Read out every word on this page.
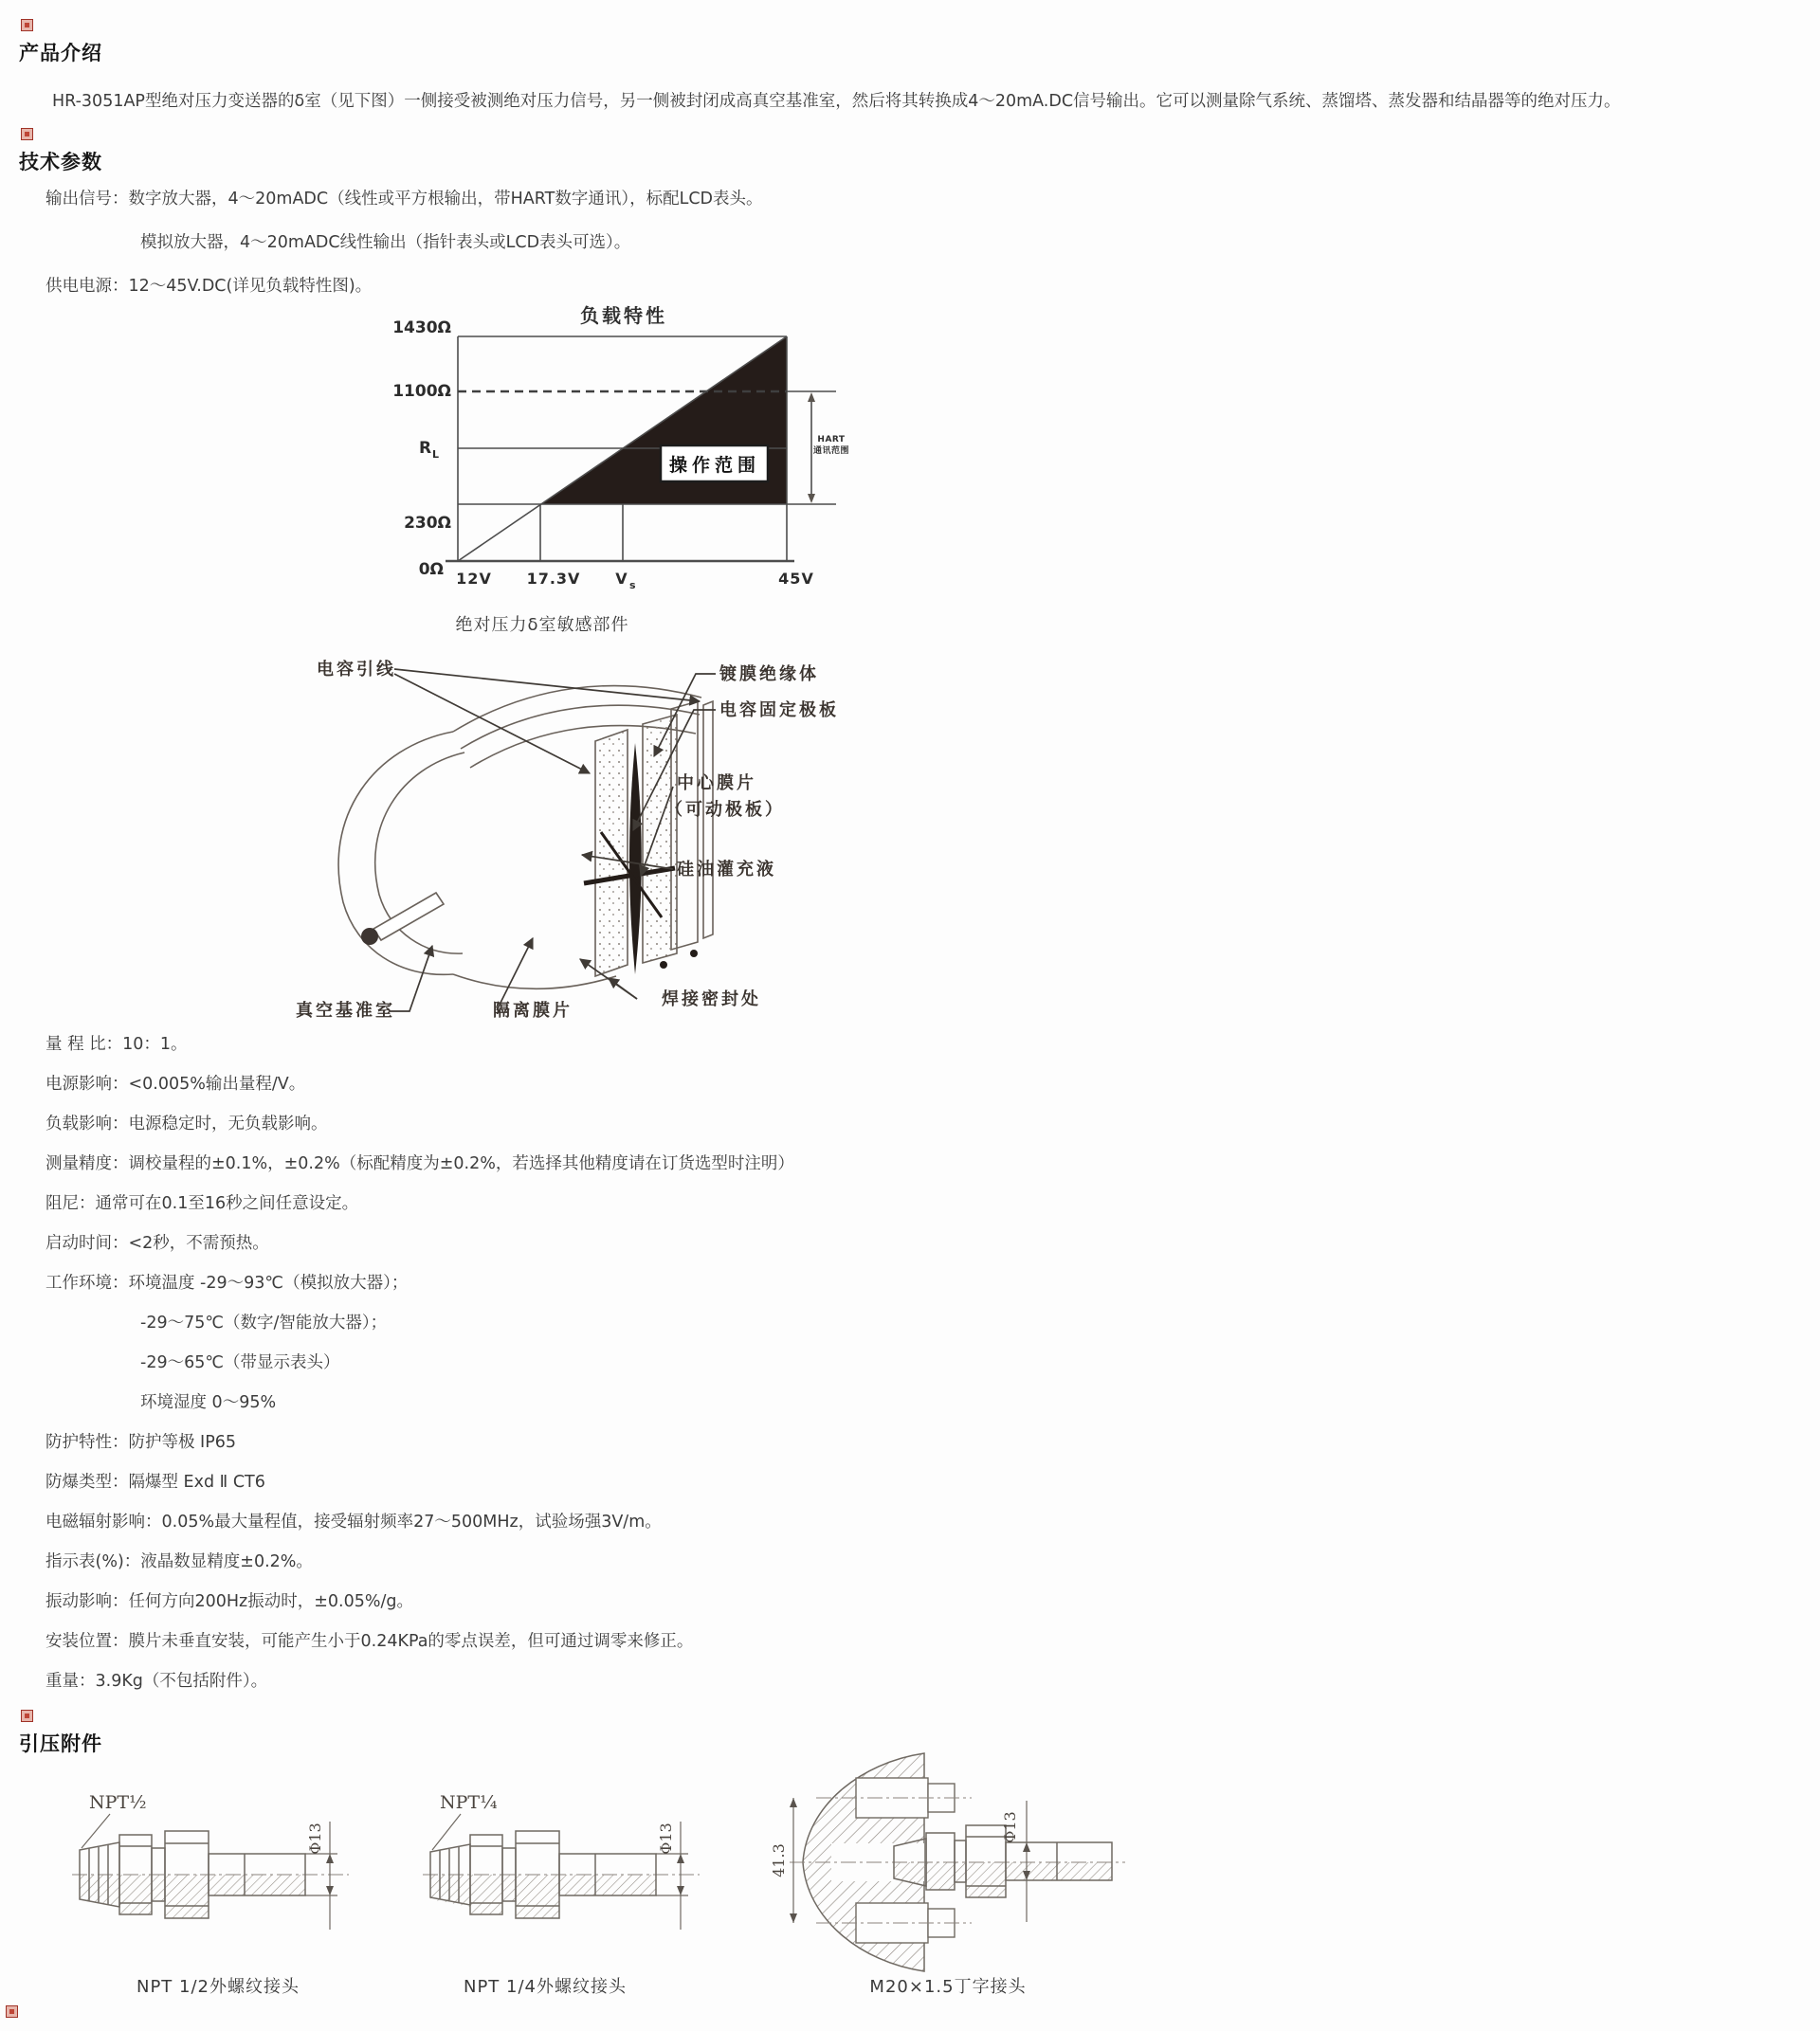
产品介绍
HR-3051AP型绝对压力变送器的δ室（见下图）一侧接受被测绝对压力信号，另一侧被封闭成高真空基准室，然后将其转换成4～20mA.DC信号输出。它可以测量除气系统、蒸馏塔、蒸发器和结晶器等的绝对压力。
技术参数
输出信号：数字放大器，4～20mADC（线性或平方根输出，带HART数字通讯），标配LCD表头。
模拟放大器，4～20mADC线性输出（指针表头或LCD表头可选）。
供电电源：12～45V.DC(详见负载特性图)。
负载特性
操作范围
HART
通讯范围
1430Ω
1100Ω
R L
230Ω
0Ω 12V 17.3V V s	45V
绝对压力δ室敏感部件
电容引线	镀膜绝缘体
电容固定极板
中心膜片
（可动极板）
硅油灌充液
真空基准室	隔离膜片
焊接密封处
量 程 比：10：1。
电源影响：<0.005%输出量程/V。
负载影响：电源稳定时，无负载影响。
测量精度：调校量程的±0.1%，±0.2%（标配精度为±0.2%，若选择其他精度请在订货选型时注明）
阻尼：通常可在0.1至16秒之间任意设定。
启动时间：<2秒，不需预热。
工作环境：环境温度 -29～93℃（模拟放大器）；
-29～75℃（数字/智能放大器）；
-29～65℃（带显示表头）
环境湿度 0～95%
防护特性：防护等极 IP65
防爆类型：隔爆型 Exd Ⅱ CT6
电磁辐射影响：0.05%最大量程值，接受辐射频率27～500MHz，试验场强3V/m。
指示表(%)：液晶数显精度±0.2%。
振动影响：任何方向200Hz振动时，±0.05%/g。
安装位置：膜片未垂直安装，可能产生小于0.24KPa的零点误差，但可通过调零来修正。
重量：3.9Kg（不包括附件）。
引压附件
NPT½
Φ13
NPT¼
Φ13
41.3
Φ13
NPT 1/2外螺纹接头	NPT 1/4外螺纹接头	M20×1.5丁字接头
